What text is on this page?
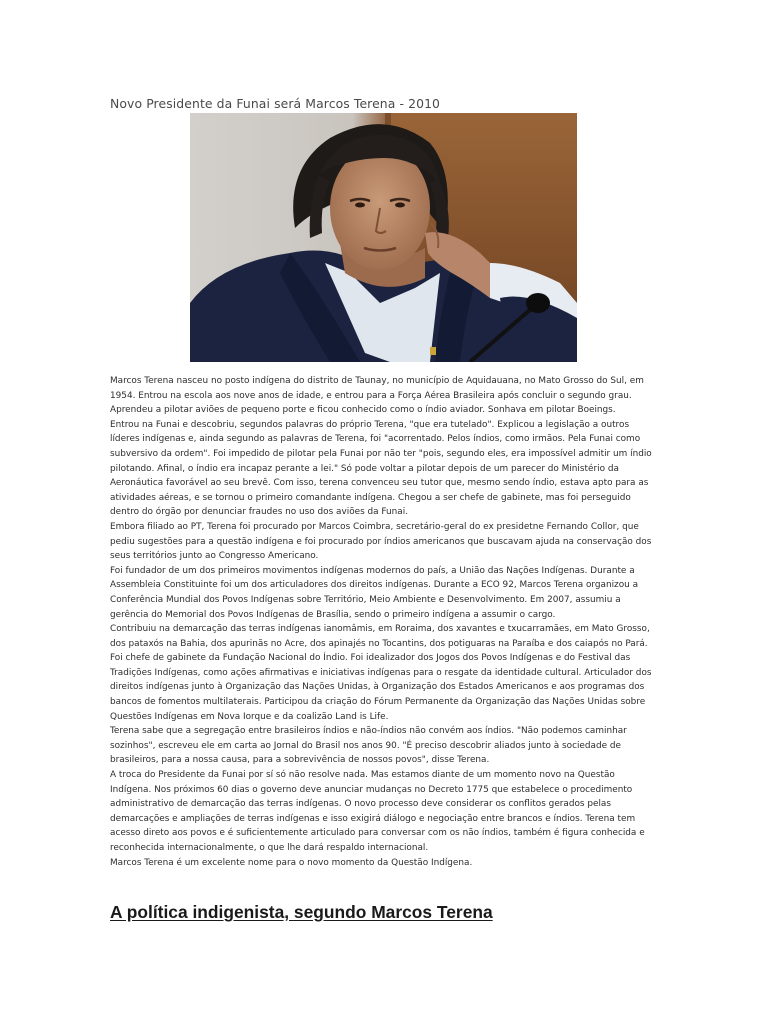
Novo Presidente da Funai será Marcos Terena - 2010

Marcos Terena nasceu no posto indígena do distrito de Taunay, no município de Aquidauana, no Mato Grosso do Sul, em 1954. Entrou na escola aos nove anos de idade, e entrou para a Força Aérea Brasileira após concluir o segundo grau. Aprendeu a pilotar aviões de pequeno porte e ficou conhecido como o índio aviador. Sonhava em pilotar Boeings.

Entrou na Funai e descobriu, segundos palavras do próprio Terena, "que era tutelado". Explicou a legislação a outros líderes indígenas e, ainda segundo as palavras de Terena, foi "acorrentado. Pelos índios, como irmãos. Pela Funai como subversivo da ordem". Foi impedido de pilotar pela Funai por não ter "pois, segundo eles, era impossível admitir um índio pilotando. Afinal, o índio era incapaz perante a lei." Só pode voltar a pilotar depois de um parecer do Ministério da Aeronáutica favorável ao seu brevê. Com isso, terena convenceu seu tutor que, mesmo sendo índio, estava apto para as atividades aéreas, e se tornou o primeiro comandante indígena. Chegou a ser chefe de gabinete, mas foi perseguido dentro do órgão por denunciar fraudes no uso dos aviões da Funai.

Embora filiado ao PT, Terena foi procurado por Marcos Coimbra, secretário-geral do ex presidetne Fernando Collor, que pediu sugestões para a questão indígena e foi procurado por índios americanos que buscavam ajuda na conservação dos seus territórios junto ao Congresso Americano.

Foi fundador de um dos primeiros movimentos indígenas modernos do país, a União das Nações Indígenas. Durante a Assembleia Constituinte foi um dos articuladores dos direitos indígenas. Durante a ECO 92, Marcos Terena organizou a Conferência Mundial dos Povos Indígenas sobre Território, Meio Ambiente e Desenvolvimento. Em 2007, assumiu a gerência do Memorial dos Povos Indígenas de Brasília, sendo o primeiro indígena a assumir o cargo.

Contribuiu na demarcação das terras indígenas ianomâmis, em Roraima, dos xavantes e txucarramães, em Mato Grosso, dos pataxós na Bahia, dos apurinãs no Acre, dos apinajés no Tocantins, dos potiguaras na Paraíba e dos caiapós no Pará.

Foi chefe de gabinete da Fundação Nacional do Índio. Foi idealizador dos Jogos dos Povos Indígenas e do Festival das Tradições Indígenas, como ações afirmativas e iniciativas indígenas para o resgate da identidade cultural. Articulador dos direitos indígenas junto à Organização das Nações Unidas, à Organização dos Estados Americanos e aos programas dos bancos de fomentos multilaterais. Participou da criação do Fórum Permanente da Organização das Nações Unidas sobre Questões Indígenas em Nova Iorque e da coalizão Land is Life.

Terena sabe que a segregação entre brasileiros índios e não-índios não convém aos índios. "Não podemos caminhar sozinhos", escreveu ele em carta ao Jornal do Brasil nos anos 90. "É preciso descobrir aliados junto à sociedade de brasileiros, para a nossa causa, para a sobrevivência de nossos povos", disse Terena.

A troca do Presidente da Funai por sí só não resolve nada. Mas estamos diante de um momento novo na Questão Indígena. Nos próximos 60 dias o governo deve anunciar mudanças no Decreto 1775 que estabelece o procedimento administrativo de demarcação das terras indígenas. O novo processo deve considerar os conflitos gerados pelas demarcações e ampliações de terras indígenas e isso exigirá diálogo e negociação entre brancos e índios. Terena tem acesso direto aos povos e é suficientemente articulado para conversar com os não índios, também é figura conhecida e reconhecida internacionalmente, o que lhe dará respaldo internacional.

Marcos Terena é um excelente nome para o novo momento da Questão Indígena.

A política indigenista, segundo Marcos Terena
